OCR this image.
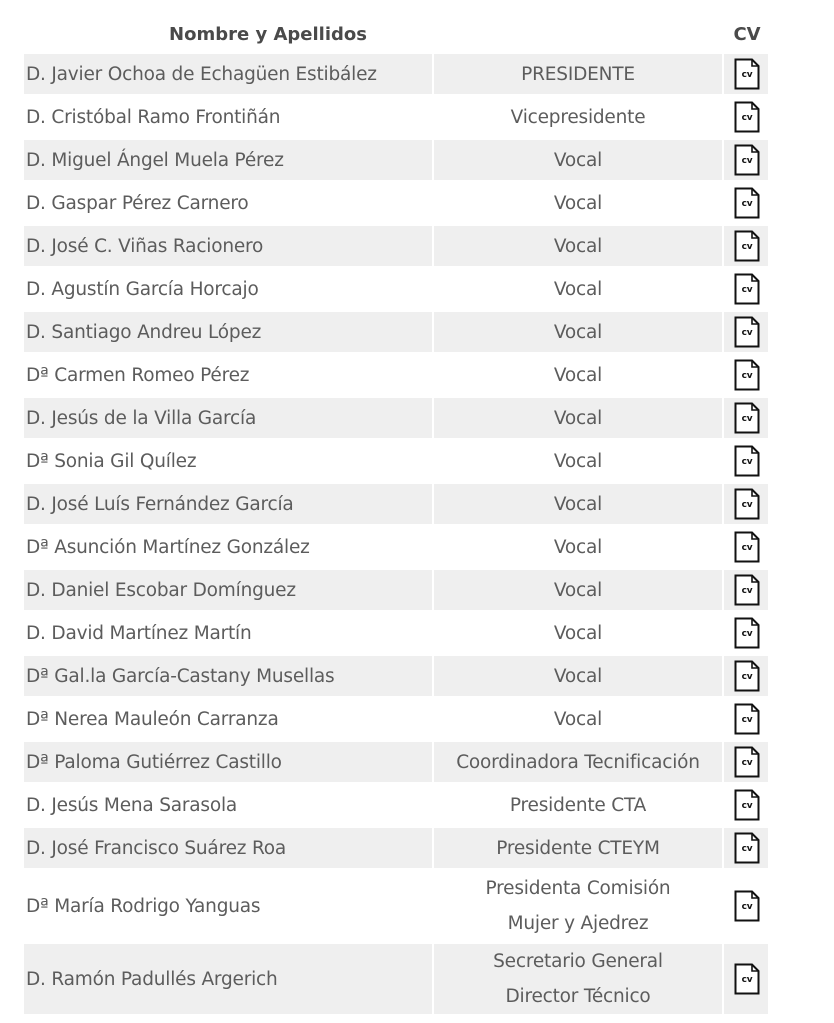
Nombre y Apellidos		CV
D. Javier Ochoa de Echagüen Estibález	PRESIDENTE	cv

D. Cristóbal Ramo Frontiñán	Vicepresidente	cv

D. Miguel Ángel Muela Pérez	Vocal	cv

D. Gaspar Pérez Carnero	Vocal	cv

D. José C. Viñas Racionero	Vocal	cv

D. Agustín García Horcajo	Vocal	cv

D. Santiago Andreu López	Vocal	cv

Dª Carmen Romeo Pérez	Vocal	cv

D. Jesús de la Villa García	Vocal	cv

Dª Sonia Gil Quílez	Vocal	cv

D. José Luís Fernández García	Vocal	cv

Dª Asunción Martínez González	Vocal	cv

D. Daniel Escobar Domínguez	Vocal	cv

D. David Martínez Martín	Vocal	cv

Dª Gal.la García-Castany Musellas	Vocal	cv

Dª Nerea Mauleón Carranza	Vocal	cv

Dª Paloma Gutiérrez Castillo	Coordinadora Tecnificación	cv

D. Jesús Mena Sarasola	Presidente CTA	cv

D. José Francisco Suárez Roa	Presidente CTEYM	cv

Dª María Rodrigo Yanguas	Presidenta Comisión
Mujer y Ajedrez	cv

D. Ramón Padullés Argerich	Secretario General
Director Técnico	cv
